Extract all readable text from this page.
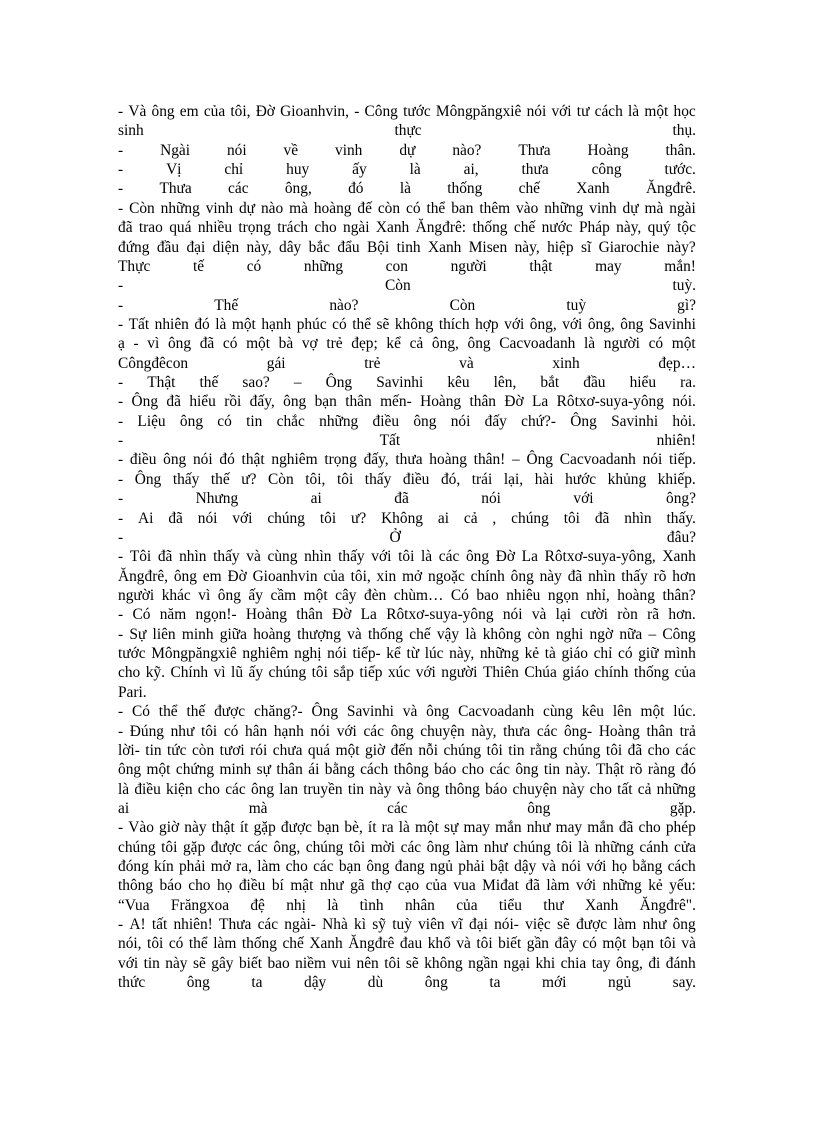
- Và ông em của tôi, Đờ Gioanhvin, - Công tước Môngpăngxiê nói với tư cách là một học
sinh	thực	thụ.
- Ngài nói về vinh dự nào? Thưa Hoàng thân.
-	Vị	chỉ	huy	ấy	là	ai,	thưa	công	tước.
- Thưa các ông, đó là thống chế Xanh Ăngđrê.
- Còn những vinh dự nào mà hoàng đế còn có thể ban thêm vào những vinh dự mà ngài
đã trao quá nhiều trọng trách cho ngài Xanh Ăngđrê: thống chế nước Pháp này, quý tộc
đứng đầu đại diện này, dây bắc đẩu Bội tinh Xanh Misen này, hiệp sĩ Giarochie này?
Thực	tế	có	những	con	người	thật	may	mắn!
-	Còn	tuỳ.
-	Thế	nào?	Còn	tuỳ	gì?
- Tất nhiên đó là một hạnh phúc có thể sẽ không thích hợp với ông, với ông, ông Savinhi
ạ - vì ông đã có một bà vợ trẻ đẹp; kể cả ông, ông Cacvoadanh là người có một
Côngđêcon	gái	trẻ	và	xinh	đẹp…
- Thật thế sao? – Ông Savinhi kêu lên, bắt đầu hiểu ra.
- Ông đã hiểu rồi đấy, ông bạn thân mến- Hoàng thân Đờ La Rôtxơ-suya-yông nói.
- Liệu ông có tin chắc những điều ông nói đấy chứ?- Ông Savinhi hỏi.
-	Tất	nhiên!
- điều ông nói đó thật nghiêm trọng đấy, thưa hoàng thân! – Ông Cacvoadanh nói tiếp.
- Ông thấy thế ư? Còn tôi, tôi thấy điều đó, trái lại, hài hước khủng khiếp.
-	Nhưng	ai	đã	nói	với	ông?
- Ai đã nói với chúng tôi ư? Không ai cả , chúng tôi đã nhìn thấy.
-	Ở	đâu?
- Tôi đã nhìn thấy và cùng nhìn thấy với tôi là các ông Đờ La Rôtxơ-suya-yông, Xanh
Ăngđrê, ông em Đờ Gioanhvin của tôi, xin mở ngoặc chính ông này đã nhìn thấy rõ hơn
người khác vì ông ấy cầm một cây đèn chùm… Có bao nhiêu ngọn nhỉ, hoàng thân?
- Có năm ngọn!- Hoàng thân Đờ La Rôtxơ-suya-yông nói và lại cười ròn rã hơn.
- Sự liên minh giữa hoàng thượng và thống chế vậy là không còn nghi ngờ nữa – Công
tước Môngpăngxiê nghiêm nghị nói tiếp- kể từ lúc này, những kẻ tà giáo chỉ có giữ mình
cho kỹ. Chính vì lũ ấy chúng tôi sắp tiếp xúc với người Thiên Chúa giáo chính thống của
Pari.
- Có thể thế được chăng?- Ông Savinhi và ông Cacvoadanh cùng kêu lên một lúc.
- Đúng như tôi có hân hạnh nói với các ông chuyện này, thưa các ông- Hoàng thân trả
lời- tin tức còn tươi rói chưa quá một giờ đến nỗi chúng tôi tin rằng chúng tôi đã cho các
ông một chứng minh sự thân ái bằng cách thông báo cho các ông tin này. Thật rõ ràng đó
là điều kiện cho các ông lan truyền tin này và ông thông báo chuyện này cho tất cả những
ai	mà	các	ông	gặp.
- Vào giờ này thật ít gặp được bạn bè, ít ra là một sự may mắn như may mắn đã cho phép
chúng tôi gặp được các ông, chúng tôi mời các ông làm như chúng tôi là những cánh cửa
đóng kín phải mở ra, làm cho các bạn ông đang ngủ phải bật dậy và nói với họ bằng cách
thông báo cho họ điều bí mật như gã thợ cạo của vua Miđat đã làm với những kẻ yếu:
“Vua Frăngxoa đệ nhị là tình nhân của tiểu thư Xanh Ăngđrê".
- A! tất nhiên! Thưa các ngài- Nhà kì sỹ tuỳ viên vĩ đại nói- việc sẽ được làm như ông
nói, tôi có thể làm thống chế Xanh Ăngđrê đau khổ và tôi biết gần đây có một bạn tôi và
với tin này sẽ gây biết bao niềm vui nên tôi sẽ không ngần ngại khi chia tay ông, đi đánh
thức	ông	ta	dậy	dù	ông	ta	mới	ngủ	say.
